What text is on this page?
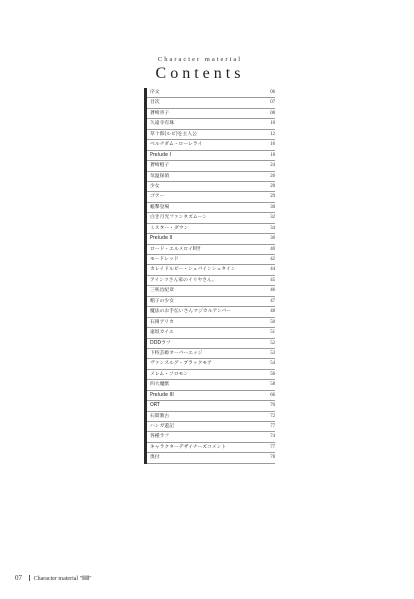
Character material

Contents

序文	06
目次	07
蒼崎青子	08
久遠寺有珠	10
草十郎(ルビ)を主人公	12
ベルナダム・ローレライ	16
Prelude I	18
蒼崎橙子	24
気温探偵	26
少女	28
ゴアー	29
帳撃登場	30
白き月光ファンタズムーン	32
ミスター・ダウン	34
Prelude II	36
ロード・エルメロイII世	40
モードレッド	42
カレイドルビー・シュバインシュタイン	44
アインツさん家のイリヤさん。	45
三咲出紀章	46
帽子の少女	47
魔法のお手伝いさんマジカルアンバー	48
石岡アリカ	50
遠坂カイエ	51
DDDラフ	52
下校芸姫オーバーエッジ	53
ヴァンスルグ・ブラックモア	54
メレム・ソロモン	56
四大魔獣	58
Prelude III	66
ORT	70
石間教古	72
ハンガ遊記	77
各種ラフ	74
キャラクターデザイナーズコメント	77
奥付	78
07 Character material "ⅡⅢ"
